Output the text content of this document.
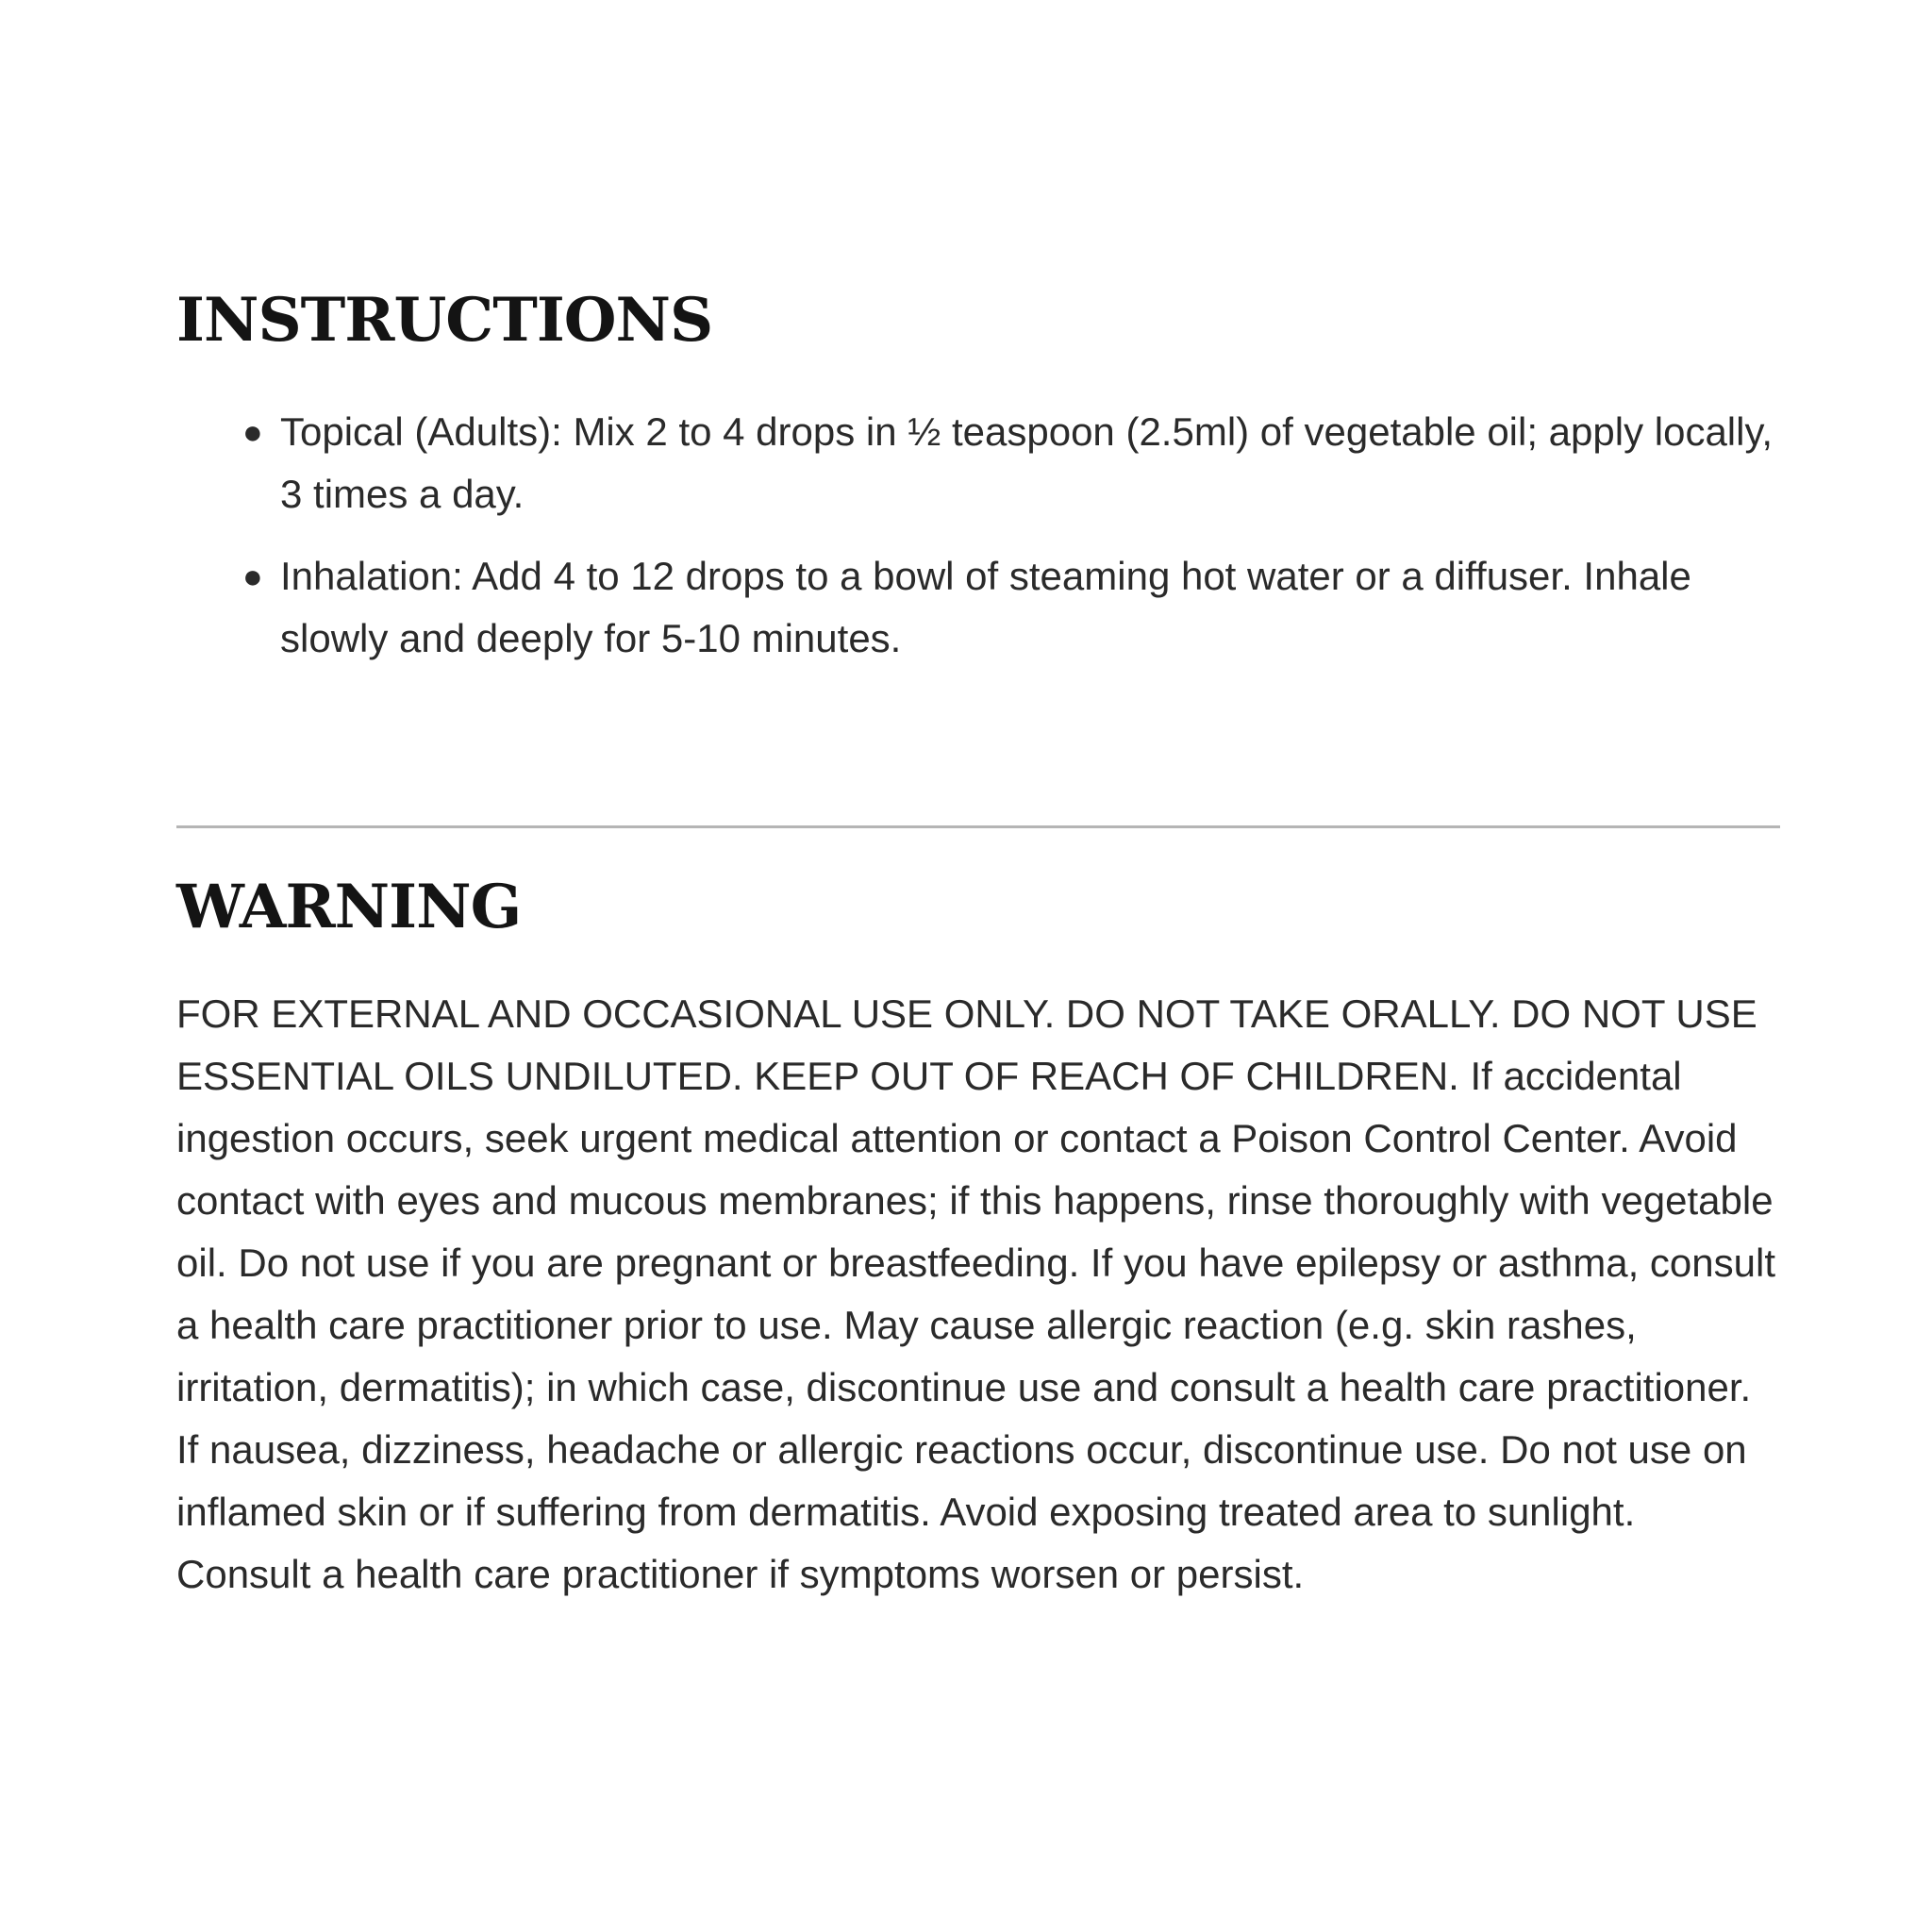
INSTRUCTIONS
● Topical (Adults): Mix 2 to 4 drops in ½ teaspoon (2.5ml) of vegetable oil; apply locally, 3 times a day.
● Inhalation: Add 4 to 12 drops to a bowl of steaming hot water or a diffuser. Inhale slowly and deeply for 5-10 minutes.
WARNING

FOR EXTERNAL AND OCCASIONAL USE ONLY. DO NOT TAKE ORALLY. DO NOT USE ESSENTIAL OILS UNDILUTED. KEEP OUT OF REACH OF CHILDREN. If accidental ingestion occurs, seek urgent medical attention or contact a Poison Control Center. Avoid contact with eyes and mucous membranes; if this happens, rinse thoroughly with vegetable oil. Do not use if you are pregnant or breastfeeding. If you have epilepsy or asthma, consult a health care practitioner prior to use. May cause allergic reaction (e.g. skin rashes, irritation, dermatitis); in which case, discontinue use and consult a health care practitioner. If nausea, dizziness, headache or allergic reactions occur, discontinue use. Do not use on inflamed skin or if suffering from dermatitis. Avoid exposing treated area to sunlight. Consult a health care practitioner if symptoms worsen or persist.
